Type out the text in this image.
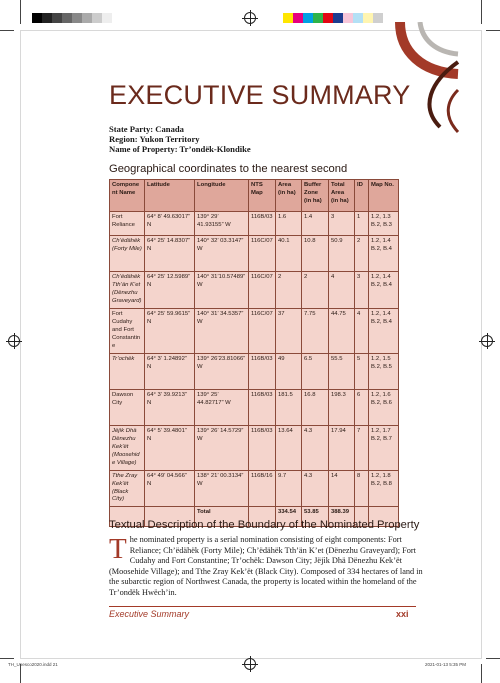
EXECUTIVE SUMMARY
State Party: Canada
Region: Yukon Territory
Name of Property: Tr’ondëk-Klondike
Geographical coordinates to the nearest second
Component Name	Latitude	Longitude	NTS Map	Area (in ha)	Buffer Zone (in ha)	Total Area (in ha)	ID	Map No.
Fort Reliance	64° 8’ 49.63017” N	139° 29’ 41.93155” W	116B/03	1.6	1.4	3	1	1.2, 1.3 B.2, B.3
Ch’ëdähëk (Forty Mile)	64° 25’ 14.8307” N	140° 32’ 03.3147” W	116C/07	40.1	10.8	50.9	2	1.2, 1.4 B.2, B.4
Ch’ëdähëk Tth’än K’et (Dënezhu Graveyard)	64° 25’ 12.5989” N	140° 31’10.57489” W	116C/07	2	2	4	3	1.2, 1.4 B.2, B.4
Fort Cudahy and Fort Constantine	64° 25’ 59.9615” N	140° 31’ 34.5357” W	116C/07	37	7.75	44.75	4	1.2, 1.4 B.2, B.4
Tr’ochëk	64° 3’ 1.24892” N	139° 26’23.81066” W	116B/03	49	6.5	55.5	5	1.2, 1.5 B.2, B.5
Dawson City	64° 3’ 39.9213” N	139° 25’ 44.82717” W	116B/03	181.5	16.8	198.3	6	1.2, 1.6 B.2, B.6
Jëjìk Dhä Dënezhu Kek’ët (Moosehide Village)	64° 5’ 39.4801” N	139° 26’ 14.5729” W	116B/03	13.64	4.3	17.94	7	1.2, 1.7 B.2, B.7
Tthe Zray Kek’ët (Black City)	64° 49’ 04.566” N	138° 21’ 00.3134” W	116B/16	9.7	4.3	14	8	1.2, 1.8 B.2, B.8
		Total		334.54	53.85	388.39		
Textual Description of the Boundary of the Nominated Property
T he nominated property is a serial nomination consisting of eight components: Fort Reliance; Ch’ëdähëk (Forty Mile); Ch’ëdähëk Tth’än K’et (Dënezhu Graveyard); Fort Cudahy and Fort Constantine; Tr’ochëk: Dawson City; Jëjìk Dhä Dënezhu Kek’ët (Moosehide Village); and Tthe Zray Kek’ët (Black City). Composed of 334 hectares of land in the subarctic region of Northwest Canada, the property is located within the homeland of the Tr’ondëk Hwëch’in.
Executive Summary	xxi
TH_Unesco2020.indd 21	2021-01-13 5:35 PM
